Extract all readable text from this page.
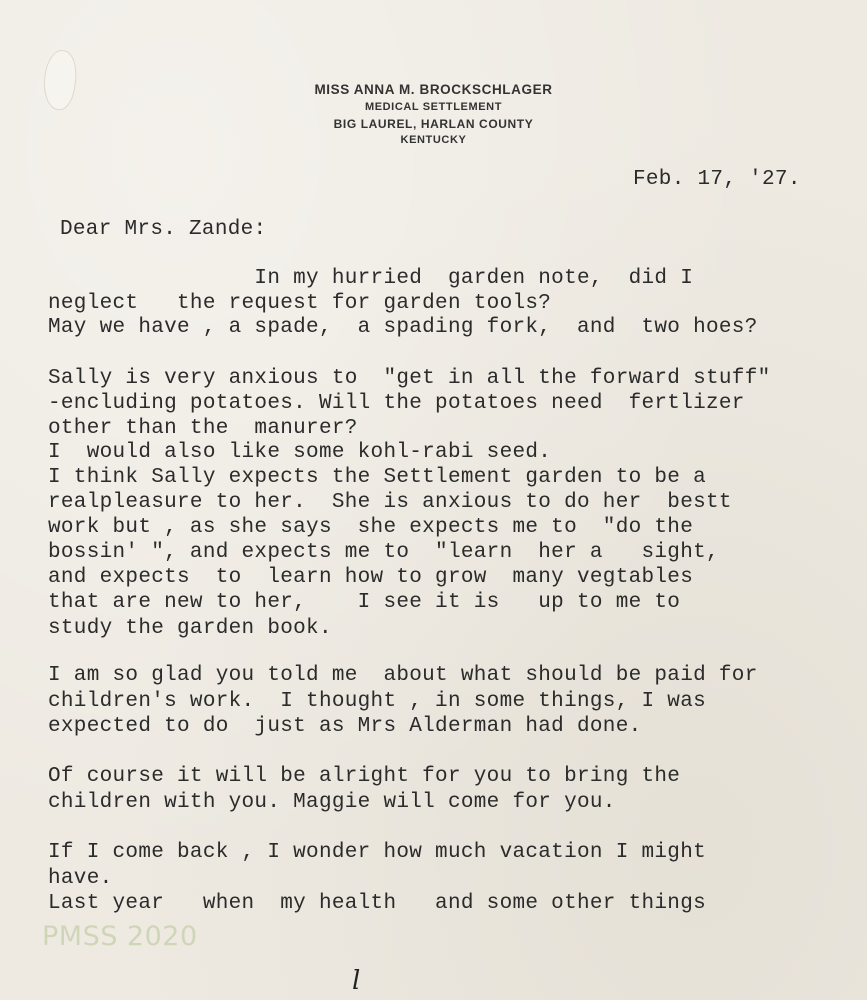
MISS ANNA M. BROCKSCHLAGER
MEDICAL SETTLEMENT
BIG LAUREL, HARLAN COUNTY
KENTUCKY
Feb. 17, '27.
Dear Mrs. Zande:
In my hurried  garden note,  did I
neglect   the request for garden tools?
May we have , a spade,  a spading fork,  and  two hoes?
Sally is very anxious to  "get in all the forward stuff"
-encluding potatoes. Will the potatoes need  fertlizer
other than the  manurer?
I  would also like some kohl-rabi seed.
I think Sally expects the Settlement garden to be a
realpleasure to her.  She is anxious to do her  bestt
work but , as she says  she expects me to  "do the
bossin' ", and expects me to  "learn  her a   sight,
and expects  to  learn how to grow  many vegtables
that are new to her,    I see it is   up to me to
study the garden book.
I am so glad you told me  about what should be paid for
children's work.  I thought , in some things, I was
expected to do  just as Mrs Alderman had done.
Of course it will be alright for you to bring the
children with you. Maggie will come for you.
If I come back , I wonder how much vacation I might
have.
Last year   when  my health   and some other things
PMSS 2020
l
